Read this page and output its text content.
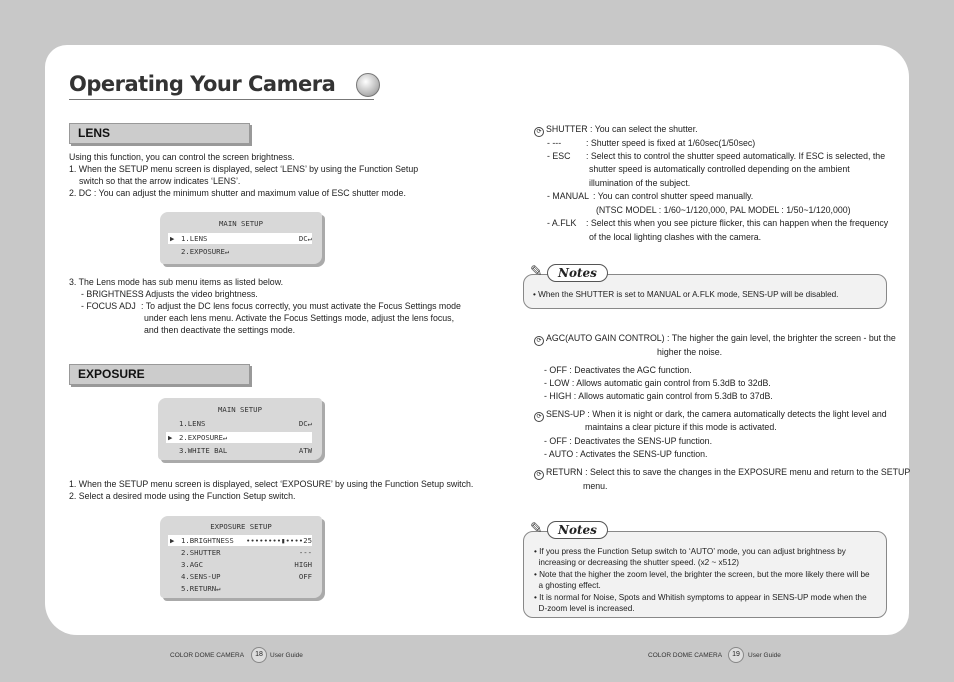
Operating Your Camera
LENS
Using this function, you can control the screen brightness.
1. When the SETUP menu screen is displayed, select ‘LENS’ by using the Function Setup
switch so that the arrow indicates ‘LENS’.
2. DC : You can adjust the minimum shutter and maximum value of ESC shutter mode.
MAIN SETUP
▶ 1.LENS	DC↵
2.EXPOSURE↵
3. The Lens mode has sub menu items as listed below.
- BRIGHTNESS
: Adjusts the video brightness.
- FOCUS ADJ : To adjust the DC lens focus correctly, you must activate the Focus Settings mode
under each lens menu. Activate the Focus Settings mode, adjust the lens focus,
and then deactivate the settings mode.
EXPOSURE
MAIN SETUP
1.LENS	DC↵
▶ 2.EXPOSURE↵
3.WHITE BAL	ATW
1. When the SETUP menu screen is displayed, select ‘EXPOSURE’ by using the Function Setup switch.
2. Select a desired mode using the Function Setup switch.
EXPOSURE SETUP
▶ 1.BRIGHTNESS ••••••••▮•••• 25
2.SHUTTER	---
3.AGC	HIGH
4.SENS-UP	OFF
5.RETURN↵
⟳ SHUTTER : You can select the shutter.
- ---	: Shutter speed is fixed at 1/60sec(1/50sec)
- ESC : Select this to control the shutter speed automatically. If ESC is selected, the
shutter speed is automatically controlled depending on the ambient
illumination of the subject.
- MANUAL : You can control shutter speed manually.
(NTSC MODEL : 1/60~1/120,000, PAL MODEL : 1/50~1/120,000)
- A.FLK : Select this when you see picture flicker, this can happen when the frequency
of the local lighting clashes with the camera.
✎	Notes
• When the SHUTTER is set to MANUAL or A.FLK mode, SENS-UP will be disabled.
⟳ AGC(AUTO GAIN CONTROL) : The higher the gain level, the brighter the screen - but the
higher the noise.
- OFF : Deactivates the AGC function.
- LOW : Allows automatic gain control from 5.3dB to 32dB.
- HIGH : Allows automatic gain control from 5.3dB to 37dB.
⟳ SENS-UP : When it is night or dark, the camera automatically detects the light level and
maintains a clear picture if this mode is activated.
- OFF : Deactivates the SENS-UP function.
- AUTO : Activates the SENS-UP function.
⟳ RETURN : Select this to save the changes in the EXPOSURE menu and return to the SETUP
menu.
✎	Notes
• If you press the Function Setup switch to ‘AUTO’ mode, you can adjust brightness by
increasing or decreasing the shutter speed. (x2 ~ x512)
• Note that the higher the zoom level, the brighter the screen, but the more likely there will be
a ghosting effect.
• It is normal for Noise, Spots and Whitish symptoms to appear in SENS-UP mode when the
D-zoom level is increased.
COLOR DOME CAMERA	18	User Guide	COLOR DOME CAMERA	19	User Guide
